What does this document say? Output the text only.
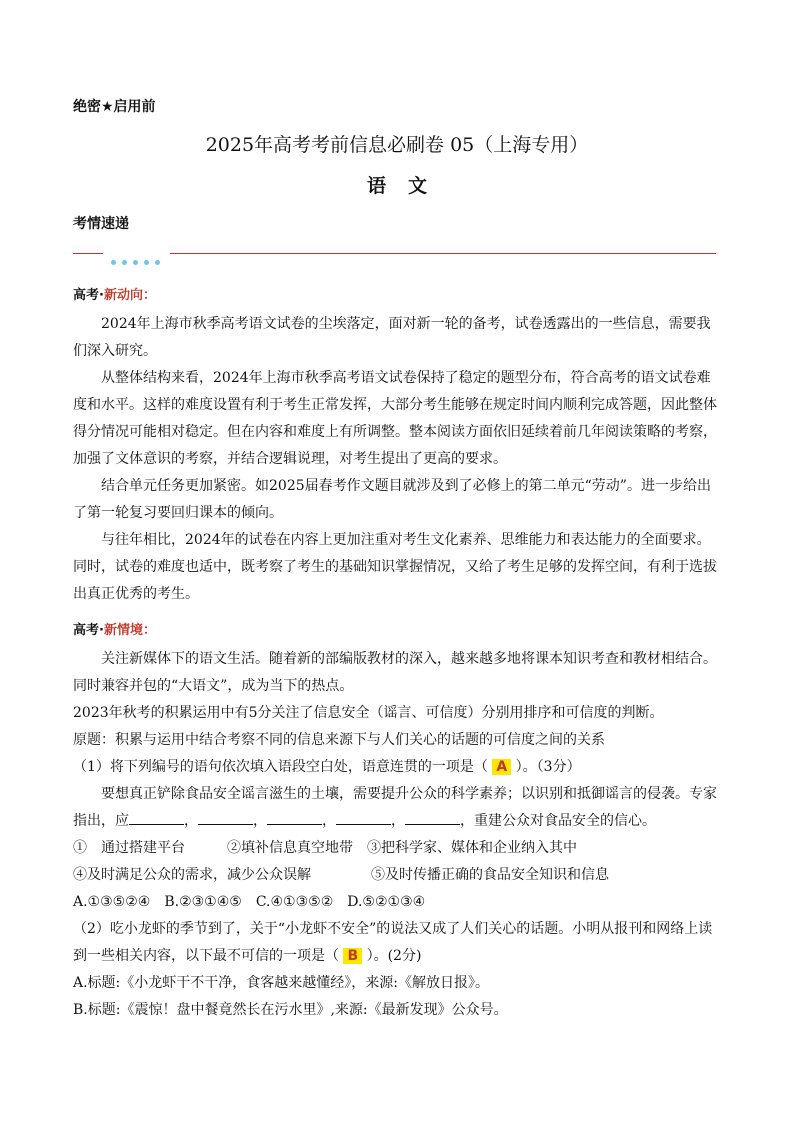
绝密★启用前
2025年高考考前信息必刷卷 05（上海专用）
语文
考情速递
高考·新动向：

2024年上海市秋季高考语文试卷的尘埃落定，面对新一轮的备考，试卷透露出的一些信息，需要我们深入研究。

从整体结构来看，2024年上海市秋季高考语文试卷保持了稳定的题型分布，符合高考的语文试卷难度和水平。这样的难度设置有利于考生正常发挥，大部分考生能够在规定时间内顺利完成答题，因此整体得分情况可能相对稳定。但在内容和难度上有所调整。整本阅读方面依旧延续着前几年阅读策略的考察，加强了文体意识的考察，并结合逻辑说理，对考生提出了更高的要求。

结合单元任务更加紧密。如2025届春考作文题目就涉及到了必修上的第二单元“劳动”。进一步给出了第一轮复习要回归课本的倾向。

与往年相比，2024年的试卷在内容上更加注重对考生文化素养、思维能力和表达能力的全面要求。同时，试卷的难度也适中，既考察了考生的基础知识掌握情况，又给了考生足够的发挥空间，有利于选拔出真正优秀的考生。

高考·新情境：

关注新媒体下的语文生活。随着新的部编版教材的深入，越来越多地将课本知识考查和教材相结合。同时兼容并包的“大语文”，成为当下的热点。

2023年秋考的积累运用中有5分关注了信息安全（谣言、可信度）分别用排序和可信度的判断。

原题：积累与运用中结合考察不同的信息来源下与人们关心的话题的可信度之间的关系

（1）将下列编号的语句依次填入语段空白处，语意连贯的一项是（ A ）。（3分）

要想真正铲除食品安全谣言滋生的土壤，需要提升公众的科学素养；以识别和抵御谣言的侵袭。专家指出，应	，	，	，	，	，重建公众对食品安全的信心。

①　通过搭建平台	②填补信息真空地带 ③把科学家、媒体和企业纳入其中

④及时满足公众的需求，减少公众误解	⑤及时传播正确的食品安全知识和信息

A.①③⑤②④ B.②③①④⑤ C.④①③⑤② D.⑤②①③④

（2）吃小龙虾的季节到了，关于“小龙虾不安全”的说法又成了人们关心的话题。小明从报刊和网络上读到一些相关内容，以下最不可信的一项是（ B ）。(2分)

A.标题:《小龙虾干不干净，食客越来越懂经》，来源:《解放日报》。

B.标题:《震惊！盘中餐竟然长在污水里》,来源:《最新发现》公众号。
